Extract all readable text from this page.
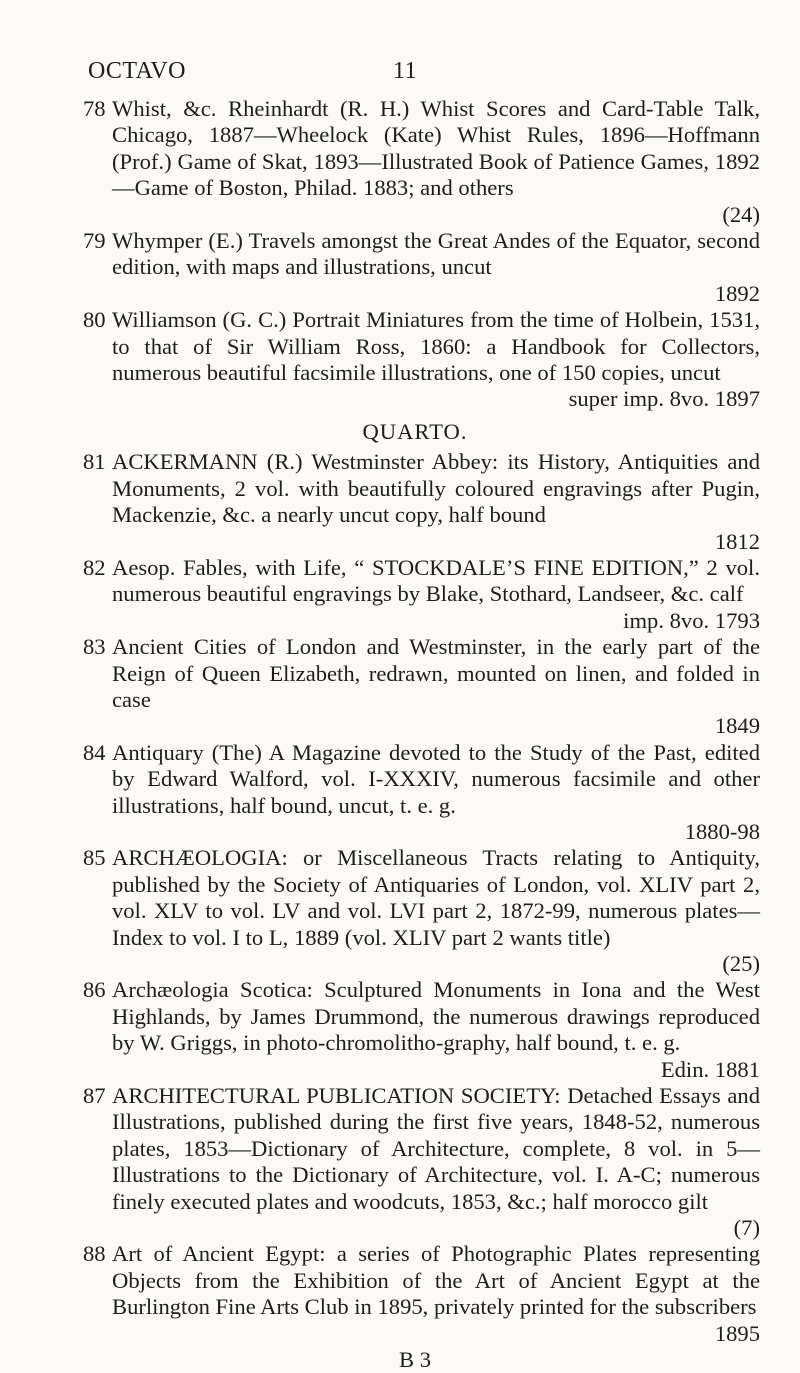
OCTAVO	11
78 Whist, &c. Rheinhardt (R. H.) Whist Scores and Card-Table Talk, Chicago, 1887—Wheelock (Kate) Whist Rules, 1896—Hoffmann (Prof.) Game of Skat, 1893—Illustrated Book of Patience Games, 1892—Game of Boston, Philad. 1883; and others
(24)
79 Whymper (E.) Travels amongst the Great Andes of the Equator, second edition, with maps and illustrations, uncut
1892
80 Williamson (G. C.) Portrait Miniatures from the time of Holbein, 1531, to that of Sir William Ross, 1860: a Handbook for Collectors, numerous beautiful facsimile illustrations, one of 150 copies, uncut
super imp. 8vo. 1897
QUARTO.
81 ACKERMANN (R.) Westminster Abbey: its History, Antiquities and Monuments, 2 vol. with beautifully coloured engravings after Pugin, Mackenzie, &c. a nearly uncut copy, half bound
1812
82 Aesop. Fables, with Life, “ STOCKDALE’S FINE EDITION,” 2 vol. numerous beautiful engravings by Blake, Stothard, Landseer, &c. calf
imp. 8vo. 1793
83 Ancient Cities of London and Westminster, in the early part of the Reign of Queen Elizabeth, redrawn, mounted on linen, and folded in case
1849
84 Antiquary (The) A Magazine devoted to the Study of the Past, edited by Edward Walford, vol. I-XXXIV, numerous facsimile and other illustrations, half bound, uncut, t. e. g.
1880-98
85 ARCHÆOLOGIA: or Miscellaneous Tracts relating to Antiquity, published by the Society of Antiquaries of London, vol. XLIV part 2, vol. XLV to vol. LV and vol. LVI part 2, 1872-99, numerous plates—Index to vol. I to L, 1889 (vol. XLIV part 2 wants title)
(25)
86 Archæologia Scotica: Sculptured Monuments in Iona and the West Highlands, by James Drummond, the numerous drawings reproduced by W. Griggs, in photo-chromolitho-graphy, half bound, t. e. g.
Edin. 1881
87 ARCHITECTURAL PUBLICATION SOCIETY: Detached Essays and Illustrations, published during the first five years, 1848-52, numerous plates, 1853—Dictionary of Architecture, complete, 8 vol. in 5—Illustrations to the Dictionary of Architecture, vol. I. A-C; numerous finely executed plates and woodcuts, 1853, &c.; half morocco gilt
(7)
88 Art of Ancient Egypt: a series of Photographic Plates representing Objects from the Exhibition of the Art of Ancient Egypt at the Burlington Fine Arts Club in 1895, privately printed for the subscribers
1895
B 3
